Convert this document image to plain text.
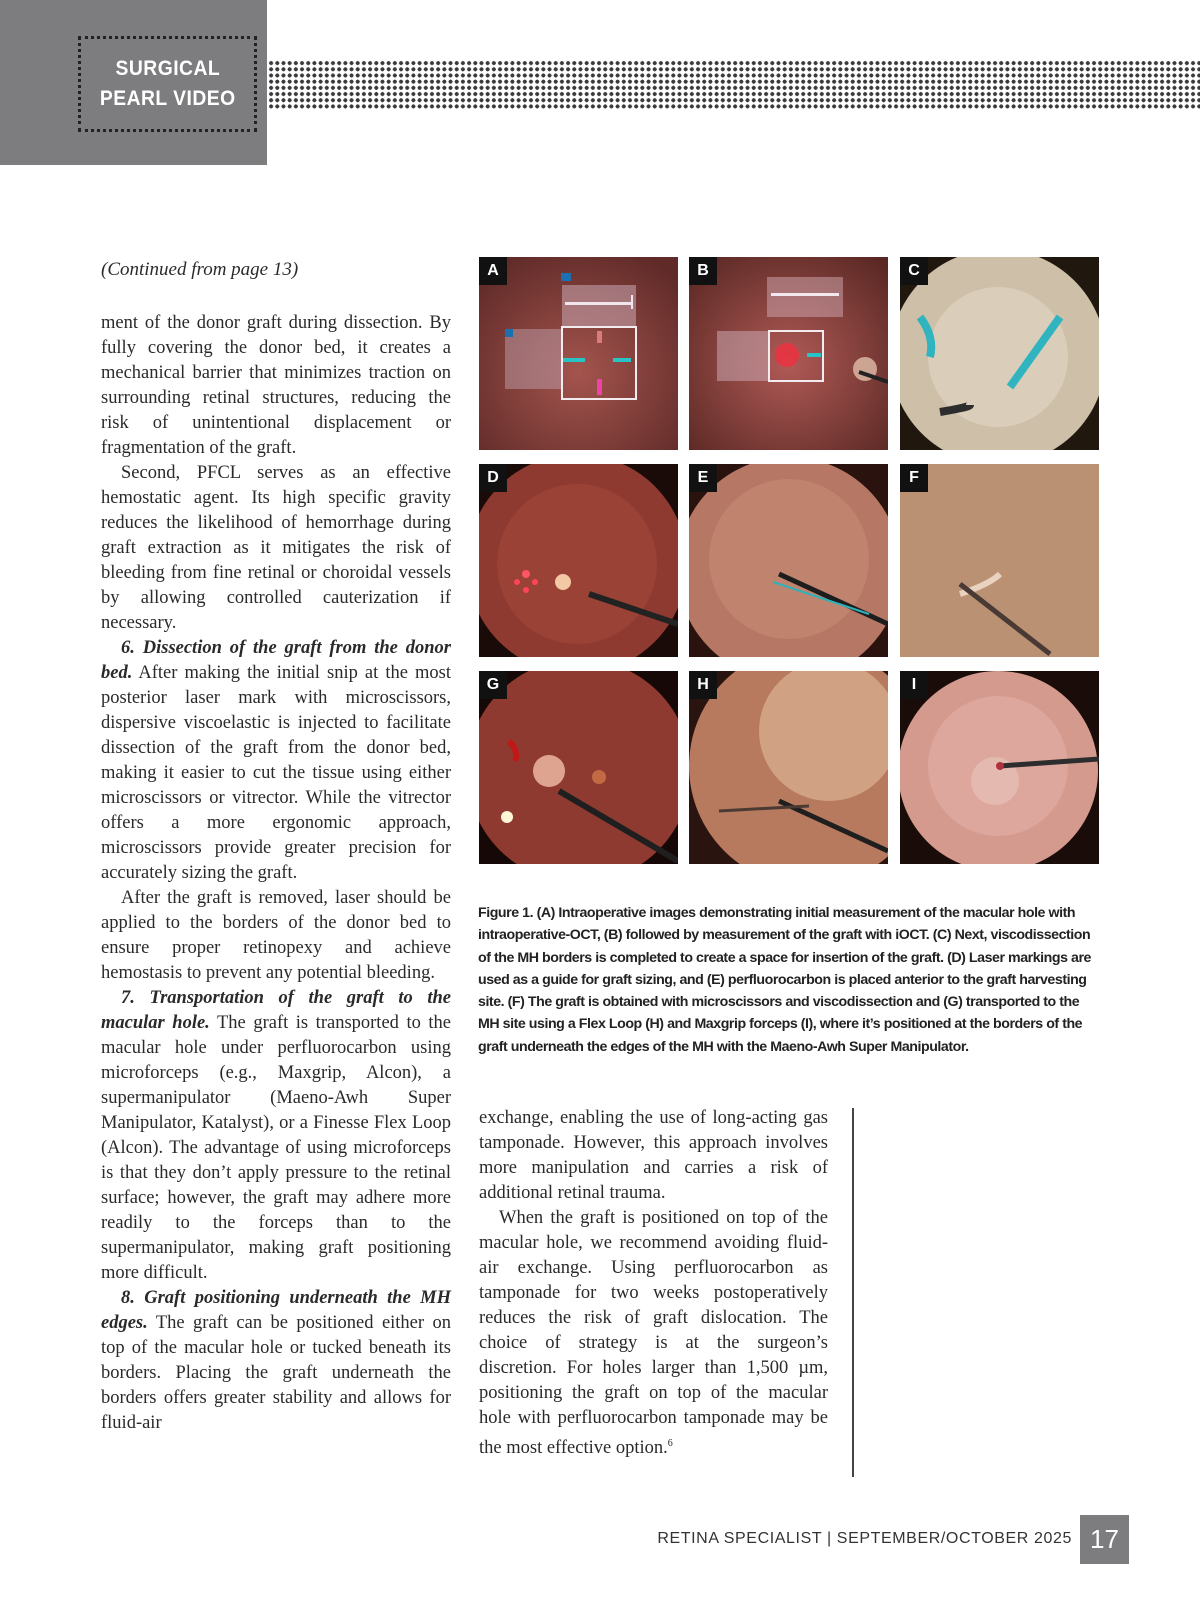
SURGICAL
PEARL VIDEO
(Continued from page 13)

ment of the donor graft during dissection. By fully covering the donor bed, it creates a mechanical barrier that minimizes traction on surrounding retinal structures, reducing the risk of unintentional displacement or fragmentation of the graft.

Second, PFCL serves as an effective hemostatic agent. Its high specific gravity reduces the likelihood of hemorrhage during graft extraction as it mitigates the risk of bleeding from fine retinal or choroidal vessels by allowing controlled cauterization if necessary.

6. Dissection of the graft from the donor bed. After making the initial snip at the most posterior laser mark with microscissors, dispersive viscoelastic is injected to facilitate dissection of the graft from the donor bed, making it easier to cut the tissue using either microscissors or vitrector. While the vitrector offers a more ergonomic approach, microscissors provide greater precision for accurately sizing the graft.

After the graft is removed, laser should be applied to the borders of the donor bed to ensure proper retinopexy and achieve hemostasis to prevent any potential bleeding.

7. Transportation of the graft to the macular hole. The graft is transported to the macular hole under perfluorocarbon using microforceps (e.g., Maxgrip, Alcon), a supermanipulator (Maeno-Awh Super Manipulator, Katalyst), or a Finesse Flex Loop (Alcon). The advantage of using microforceps is that they don’t apply pressure to the retinal surface; however, the graft may adhere more readily to the forceps than to the supermanipulator, making graft positioning more difficult.

8. Graft positioning underneath the MH edges. The graft can be positioned either on top of the macular hole or tucked beneath its borders. Placing the graft underneath the borders offers greater stability and allows for fluid-air

A	B	C
D	E	F
G	H	I
Figure 1. (A) Intraoperative images demonstrating initial measurement of the macular hole with intraoperative-OCT, (B) followed by measurement of the graft with iOCT. (C) Next, viscodissection of the MH borders is completed to create a space for insertion of the graft. (D) Laser markings are used as a guide for graft sizing, and (E) perfluorocarbon is placed anterior to the graft harvesting site. (F) The graft is obtained with microscissors and viscodissection and (G) transported to the MH site using a Flex Loop (H) and Maxgrip forceps (I), where it’s positioned at the borders of the graft underneath the edges of the MH with the Maeno-Awh Super Manipulator.

exchange, enabling the use of long-acting gas tamponade. However, this approach involves more manipulation and carries a risk of additional retinal trauma.

When the graft is positioned on top of the macular hole, we recommend avoiding fluid-air exchange. Using perfluorocarbon as tamponade for two weeks postoperatively reduces the risk of graft dislocation. The choice of strategy is at the surgeon’s discretion. For holes larger than 1,500 µm, positioning the graft on top of the macular hole with perfluorocarbon tamponade may be the most effective option.$^6$

RETINA SPECIALIST | SEPTEMBER/OCTOBER 2025 17
